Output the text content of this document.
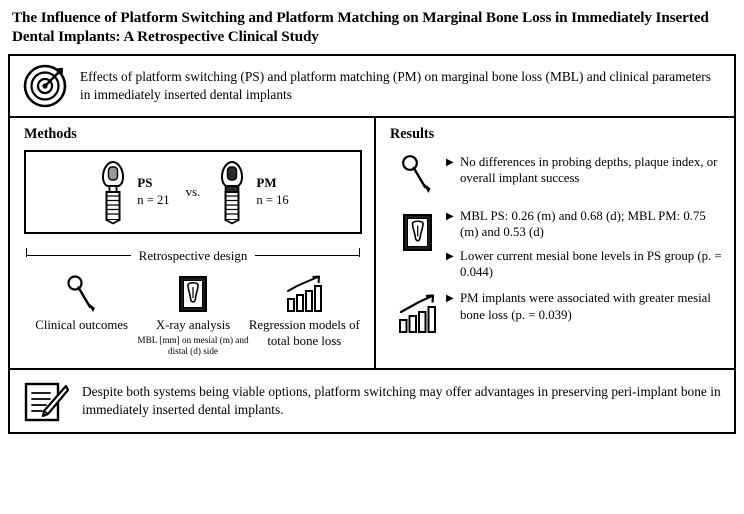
The Influence of Platform Switching and Platform Matching on Marginal Bone Loss in Immediately Inserted Dental Implants: A Retrospective Clinical Study
Effects of platform switching (PS) and platform matching (PM) on marginal bone loss (MBL) and clinical parameters in immediately inserted dental implants
Methods
PS
n = 21
vs.
PM
n = 16
Retrospective design
Clinical outcomes	X-ray analysis
MBL [mm] on mesial (m) and distal (d) side
Regression models of total bone loss
Results
▶ No differences in probing depths, plaque index, or overall implant success
▶ MBL PS: 0.26 (m) and 0.68 (d); MBL PM: 0.75 (m) and 0.53 (d)
▶ Lower current mesial bone levels in PS group (p. = 0.044)
▶ PM implants were associated with greater mesial bone loss (p. = 0.039)
Despite both systems being viable options, platform switching may offer advantages in preserving peri-implant bone in immediately inserted dental implants.
